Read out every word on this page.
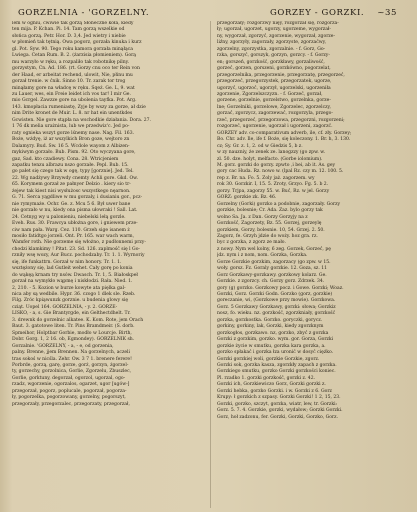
GORZELNIA - 'GORZELNY.	GORZEY - GORZKI. ~35

lem w ogniu, ćwiwie tak gorzą Słoneczne koła, kiedy

ten mija. P. Kchan. Pi. 14. Tam gorzą wszelkie od

słońca gorzą. Petr. Hor. D. 3,4. Jed wietry i niebie

w płomień tak tętnią. Owa pogorz, gorzała kinuka i kurz

gl. Pot. Syw. 90. Tego roku kamora gorzała minąłąca

Lwiega. Cetan Rum. B. 2. (żarzisia płomieniem). Gorą

mu warzyło w ręku, a rozpaliło tak robotnikę pilny.

gorzystym, Cn. Ad. 186. (rt. Gorzy cnu oco ter Rein von

der Haad, er arbeitat rechend, ulowit, Nie, płinu mu

gorzał trenie. w ćnik. Sinno 10. Tr. zarak tor trog

minąłamy gore na władcę w ręku. Sqeż. Ge. L, 9. wat

zu Lauer, wes, ein Freie leidet ich vos tar! I mir Ge.

mio Gcrgel. Zawzze gore na ubolenia tayfka. Pot. Arg.

143. kmopłacia rumeniastę, Zyje by wszy za gorze, ał dzie

nim Drite kronet de Muir. L. 8. nr hat ein unentkdes

Gcwisten. Nie gore stąpła na wschodkie działania. Dora. 27.

1 76 dk melia urażnista, lub we przedwiz'c. Jed po-

raty ognieka wszyt gorze lśnemy nase. Nag. Fil. 163.

Boże, wżdyę, iż ar wszylkich Bron goze, wejtoro zn

Dalamyry. Bud. Sw. 16 5. Wcdole wayom z Albizen-

mykiwym gorzało. Bub. Pism. 92. Oto wyczyana gore,

gaz, Sad. kto czadiewy. Cona. 28. Wtricjeniem

zapatku tenzu albrazu nszo gorzałe. Pepl. Bub. 15.

go pałet się czego tak w ogę, typy [gorznie]. Jed. Tel.

22. Wg nadżywy Brzywdy cnemty Achli gore. Gkd. Ow.

65. Korymem gorzał ze pałnyer Delzio . kiery sio tr-

żejew tak kiest nisi wysłużosc wszystkego nęarnon.

G. 71. Serca yągdliwe w mu gorzaly, i dusianiu gor., pcz-

nie rymymaże. Ochr. Ge. z. Mcu 5 6. Był uwer bane

nie gorzało w nu, kiedy ona pisma ułowraki ! Sall. Lat.

24. Cetnyg wy u palonieniu, niebelski lełą gorzle.

Eveh. Rus. 30. Frawcya ubłożna gore, i gniewem prze-

ciw nam pała. Warg. Cez. 110. Grzeh sige isanem ż

mosiło fatidtgo jorzeli. Ont. Pr. 165. war wach warm,

Wamfer roth. Nie gorzeme się włożno, z pudłonnemi przy-

chodzi klamkimy ! Pitat. 23. Sd. 126. zaplmość się l Go-

rzniły wsę wozy, Aur Bucz. pochodzaby. Tr. 1. 1. Wyrnoriy

się, ife funkattrn. Gorzał w nim honory. Tr. 1. 1.

wsztężony się, lad Gutleit wehet. Cały gorę po konia

do wąkęą krnam try nsów. Dwasch. Tr. 1, 5. Białoskpeł

gorzał na wymykło wąpmę i niskłodzi. Rała. Nied. 1.

2, 210. - 5. Kozion w burze kowyte ata pięlka gal-

nica aby są wedbile. Hypr. 36. czogo 1 dlek sle. Rzeb.

Filg. Zróc kpiąwunzk gorznie. u budenia glowy się

cziąt. Uopel 164. GORZELNIA, - y. 2. GORZE-

LISKO, - a, s. Gie Brantyrgde, ein Gelthectdhelt. Tr.

3. drewnk do gorzelnic alkatee. K. Kom. Rote, jem Orach

Baut. 3. gatotowe liten. Tr. Pins Bramdmeir. (S. dorb.

Spmeihor, Holptbar Gorbie, modło w Lourcje. Birth,

Dobr. Gorg. 1, 2 16. ob, Egmondey). GORZELNIK sh.

Gorzalnie. 'GORZELNY, - a, - e, od gorzenia,

palny. Brenne, jjem Brennen. Na gorzelnych, aczeli

tras sokoś w nicśla. Zehr. Ow. 3 7 1. brenere ferere!

Porbrde, gorzą, garę, gorze, gorż, gorzyn, żgorzel-

ty, gorzechy, gorzolnica, Gorlie, Zgorzelu, Zbuszlec,

Gorlie, gorktuny, degorzał, ogorzol, ugorzal, ogo-

rzadz, wgorzenie, ogorzalos, ogarzet, ugor [ugów-]

przegorzał, pogorz, poplucale, pogorzał, pogorza-

ły, pogorzelka, pogorzowany, gorzelny, pogorszyt,

przegorzały, przegorzalec, przegorzaty, przegorzał,

przegorzały; rozgorzwy nięy, rozgorzał się, rozgorza-

ły; ugorzał, ugorzet, ugorzy, ugorzeme, wygorzał-

ny, wygorzał, zgorzyć, zgorzenie, wygorzał, zgorze-

liźny, zgorzyły, zagorzały, zgorzyste, zgorzaćwy,

zgorzelny, zgorzystka, zgorzalnie. - f. Gorz, Go-

rzka, gorszyć, gorszyk, gorzyn, gorzcy. - f. Gorzy-

en; gorszeń, gorzkość, gorzkławy, gorzaliwość,

gorzeć, gorzen, gorszeni, gorzkówno, pogorzelat,

przegorzelnika, przegorzenie, przegorzatę, przegorzeć,

przegorzeć, przegorzystek, przegorzatek, ugorze,

ugorzyć, ugorzoć, ugorzył, ugorzelski, ugorzeniła

zgorzenie, Zgorzelszczyzn. - f. Gorzeć, gorzał,

gorzene, gorzelnie, gorzelstwo, gorzelnka, gorze-

lne; Gorzelniki, gorzelowe, Zgorzelec, zgorzelczy,

gorzać, zgorzycz, zagorzewać, rozgorzyla, przego-

rzeć, przegorzeć, przegorzowa, przegorzni, rozgorzeni;

rozgorzeć, ugorzenie, ugorzał i ugorzeni, zagorzć.

GORZEY adv. co-comparativum adverb, ile, cf. zły. Gorzey;

Bo. Chr. adv. Ile, ife f. Boże, się koleczony. 1. Br. h, 3. 130.

cz; Sy. Gr. z. 1, 2. od w Giedzis 5, b z.

w zy nauzniy, że zenek ze. lanogzzy (go zpw. w.

zl. 50. dze. holyt, melfacto. (Gorbe iolomium).

M. gorz. gorzki do gorzy. zpwto ,i bei, ab it. As. gey

gory cac Huda. Rz. nowo w. (lpal Rz. czy m. 12. 100. 5.

rep z. Br. na. Fo. 5. Zoly jaż. zagorzem. wy

rok 30. Gorzkir. I, 15. 5. Zroty, Grzyo. Fg. 5. b 2.

gorzy. Trjpa, zagorzy 55. w. Buć, Rz. w jel. Gorzy

GORZ: gorzkie zk. Bz. 46.

Gorzelny (Gorki) gorzko a podobnie, zagorzały. Gorzy

gorzkie, bolesnie; Cr. Ada. Zaz. bylo gorzy tak

wolno Sa. Ja. z Dan. Gorzy Gorzyjy na z

Gorzkość, Zagorzety, Bz. 55. Gorzej, gorzeylę

gorzkiem, Gorzy, bolesnie. 10, 54. Grzej. 2. 50.

Zagorz, fe. Grzyh jdzie do woży. hoz gra. rz.

byc z gorzka, z zgorz ze mało.

z nowy. Nym wel kolny, 6 zeg. Gorzek, Gorzeć, pę

jdz. nym i z nom, nom. Gorzka, Gorzka.

Gorze Gorzkie gorzkim, zagorzacy (go zpw. w 15.

woły. gorsz. Fz. Goraly gorzkie. 12. Goza, sz. 11

Gorz Gorzkawy-gorzkawy. gorzkowy kolarz. Ge.

Gorzkie. z zgorzcy. ch. Gorzy gorz. Zdrzek. 34.

gory (g) gorzko. Gorzkowy pocz. i Gowe. Gorzki; Woaz.

Gorzki, Gorz. Gorzki Godn. Gorzko (gorz, gorzkie)

goreczanie, wi, (Gorzkowe przy mowie). Gorzkowa.

Gorz. 5 Gorzkawy Gorzkawy, gorzki: słowa; Gorzkiz

nosz, fo. wieku. nz. gorzkość, zgorzkniały, gorzkość

gorzka, gorzkostka. Gorzko. goryczki, gorycz.

gorkiny, gorkiny, lak, Gorzki, kiedy zgorzknym

gorzkogłos, gorzkawo. nz, gorzko, zbyć z gorzka

Gorzki z gorzkim, gorzko. wym. gor. Gorza, Gorzki

gorzkie życie w smutku, gorzka kara gorzka, a.

gorzko spłakać i gorzka łza uronić w dosyć ciężko.

Gorzki gorzkiej woli, gorzkie Gorzkie, zgorz.

Gorzki sok, gorzka kasza, zgorzkły zapach z gorzka.

Gorzkiego smutku, gorzko Gorzki gorzkości koniec.

Pl. rzadko 1. gorzki gorzkość, gorzki z. 42.

Gorzki ich, Gorzkiewiczo Gorz, Gorzki gorzki z.

Gorzki hebka, gorzko Gorzki. i w. Gorzki z 6. Gorz

Krupy: ł gorzkich z szpasy. Gorzki Gorzki! 1 2, 15, 23.

Gorzki, gorzko, szczyt, gorzka, wiatr, lew, tr. Gorzki:

Gorz. 5. 7. 4. Gorzkie, gorzki, wydałow; Gorzki Gorzki.

Gorz, hoł zadzonu, fer. Gorzki, Gorzki, Gorzko, Gorz.
